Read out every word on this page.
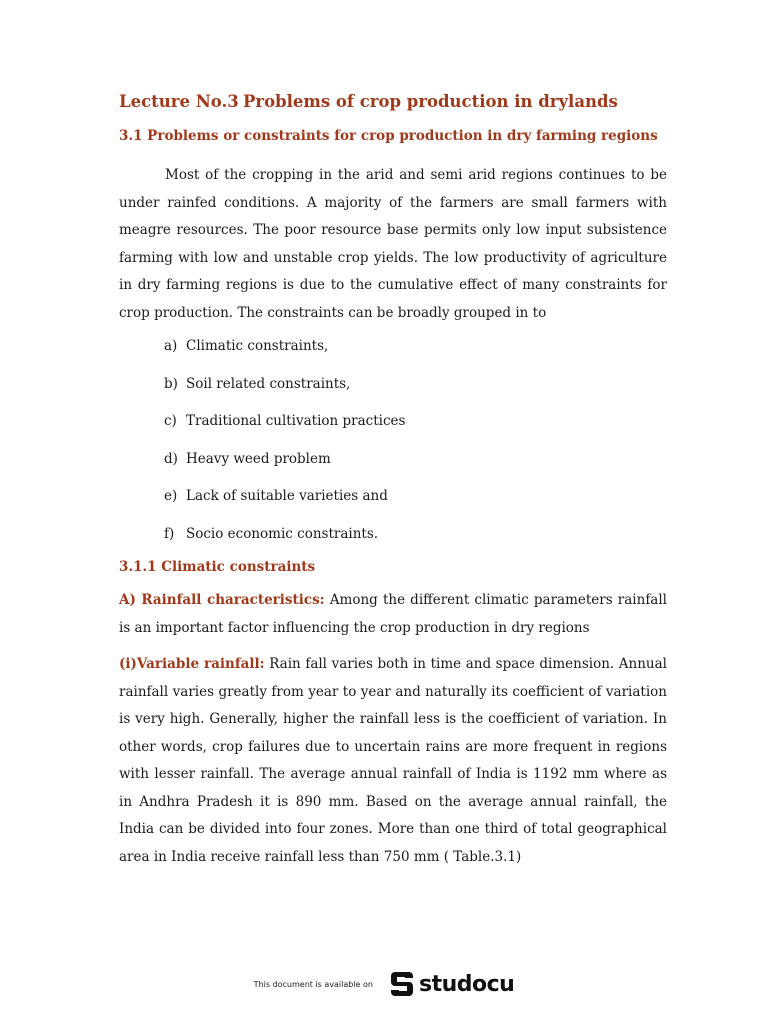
Lecture No.3 Problems of crop production in drylands
3.1 Problems or constraints for crop production in dry farming regions

Most of the cropping in the arid and semi arid regions continues to be under rainfed conditions. A majority of the farmers are small farmers with meagre resources. The poor resource base permits only low input subsistence farming with low and unstable crop yields. The low productivity of agriculture in dry farming regions is due to the cumulative effect of many constraints for crop production. The constraints can be broadly grouped in to

a) Climatic constraints,
b) Soil related constraints,
c) Traditional cultivation practices
d) Heavy weed problem
e) Lack of suitable varieties and
f) Socio economic constraints.
3.1.1 Climatic constraints

A) Rainfall characteristics: Among the different climatic parameters rainfall is an important factor influencing the crop production in dry regions

(i)Variable rainfall: Rain fall varies both in time and space dimension. Annual rainfall varies greatly from year to year and naturally its coefficient of variation is very high. Generally, higher the rainfall less is the coefficient of variation. In other words, crop failures due to uncertain rains are more frequent in regions with lesser rainfall. The average annual rainfall of India is 1192 mm where as in Andhra Pradesh it is 890 mm. Based on the average annual rainfall, the India can be divided into four zones. More than one third of total geographical area in India receive rainfall less than 750 mm ( Table.3.1)

This document is available on studocu
